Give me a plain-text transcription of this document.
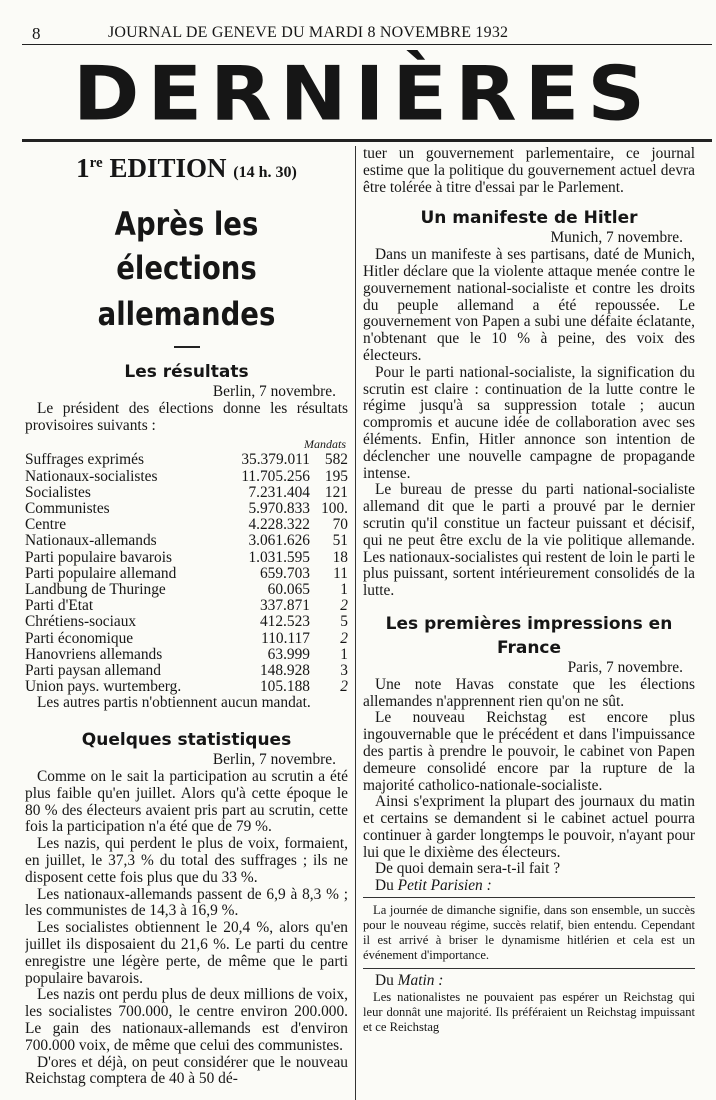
8	JOURNAL DE GENEVE DU MARDI 8 NOVEMBRE 1932
DERNIÈRES
1re EDITION (14 h. 30)
Après les élections
allemandes
Les résultats
Berlin, 7 novembre.

Le président des élections donne les résultats provisoires suivants :

Mandats
Suffrages exprimés	35.379.011	582
Nationaux-socialistes	11.705.256	195
Socialistes	7.231.404	121
Communistes	5.970.833	100.
Centre	4.228.322	70
Nationaux-allemands	3.061.626	51
Parti populaire bavarois	1.031.595	18
Parti populaire allemand	659.703	11
Landbung de Thuringe	60.065	1
Parti d'Etat	337.871	2
Chrétiens-sociaux	412.523	5
Parti économique	110.117	2
Hanovriens allemands	63.999	1
Parti paysan allemand	148.928	3
Union pays. wurtemberg.	105.188	2

Les autres partis n'obtiennent aucun mandat.

Quelques statistiques
Berlin, 7 novembre.

Comme on le sait la participation au scrutin a été plus faible qu'en juillet. Alors qu'à cette époque le 80 % des électeurs avaient pris part au scrutin, cette fois la participation n'a été que de 79 %.

Les nazis, qui perdent le plus de voix, formaient, en juillet, le 37,3 % du total des suffrages ; ils ne disposent cette fois plus que du 33 %.

Les nationaux-allemands passent de 6,9 à 8,3 % ; les communistes de 14,3 à 16,9 %.

Les socialistes obtiennent le 20,4 %, alors qu'en juillet ils disposaient du 21,6 %. Le parti du centre enregistre une légère perte, de même que le parti populaire bavarois.

Les nazis ont perdu plus de deux millions de voix, les socialistes 700.000, le centre environ 200.000. Le gain des nationaux-allemands est d'environ 700.000 voix, de même que celui des communistes.

D'ores et déjà, on peut considérer que le nouveau Reichstag comptera de 40 à 50 dé-

tuer un gouvernement parlementaire, ce journal estime que la politique du gouvernement actuel devra être tolérée à titre d'essai par le Parlement.

Un manifeste de Hitler
Munich, 7 novembre.

Dans un manifeste à ses partisans, daté de Munich, Hitler déclare que la violente attaque menée contre le gouvernement national-socialiste et contre les droits du peuple allemand a été repoussée. Le gouvernement von Papen a subi une défaite éclatante, n'obtenant que le 10 % à peine, des voix des électeurs.

Pour le parti national-socialiste, la signification du scrutin est claire : continuation de la lutte contre le régime jusqu'à sa suppression totale ; aucun compromis et aucune idée de collaboration avec ses éléments. Enfin, Hitler annonce son intention de déclencher une nouvelle campagne de propagande intense.

Le bureau de presse du parti national-socialiste allemand dit que le parti a prouvé par le dernier scrutin qu'il constitue un facteur puissant et décisif, qui ne peut être exclu de la vie politique allemande. Les nationaux-socialistes qui restent de loin le parti le plus puissant, sortent intérieurement consolidés de la lutte.

Les premières impressions en France
Paris, 7 novembre.

Une note Havas constate que les élections allemandes n'apprennent rien qu'on ne sût.

Le nouveau Reichstag est encore plus ingouvernable que le précédent et dans l'impuissance des partis à prendre le pouvoir, le cabinet von Papen demeure consolidé encore par la rupture de la majorité catholico-nationale-socialiste.

Ainsi s'expriment la plupart des journaux du matin et certains se demandent si le cabinet actuel pourra continuer à garder longtemps le pouvoir, n'ayant pour lui que le dixième des électeurs.

De quoi demain sera-t-il fait ?

Du Petit Parisien :

La journée de dimanche signifie, dans son ensemble, un succès pour le nouveau régime, succès relatif, bien entendu. Cependant il est arrivé à briser le dynamisme hitlérien et cela est un événement d'importance.

Du Matin :

Les nationalistes ne pouvaient pas espérer un Reichstag qui leur donnât une majorité. Ils préféraient un Reichstag impuissant et ce Reichstag
